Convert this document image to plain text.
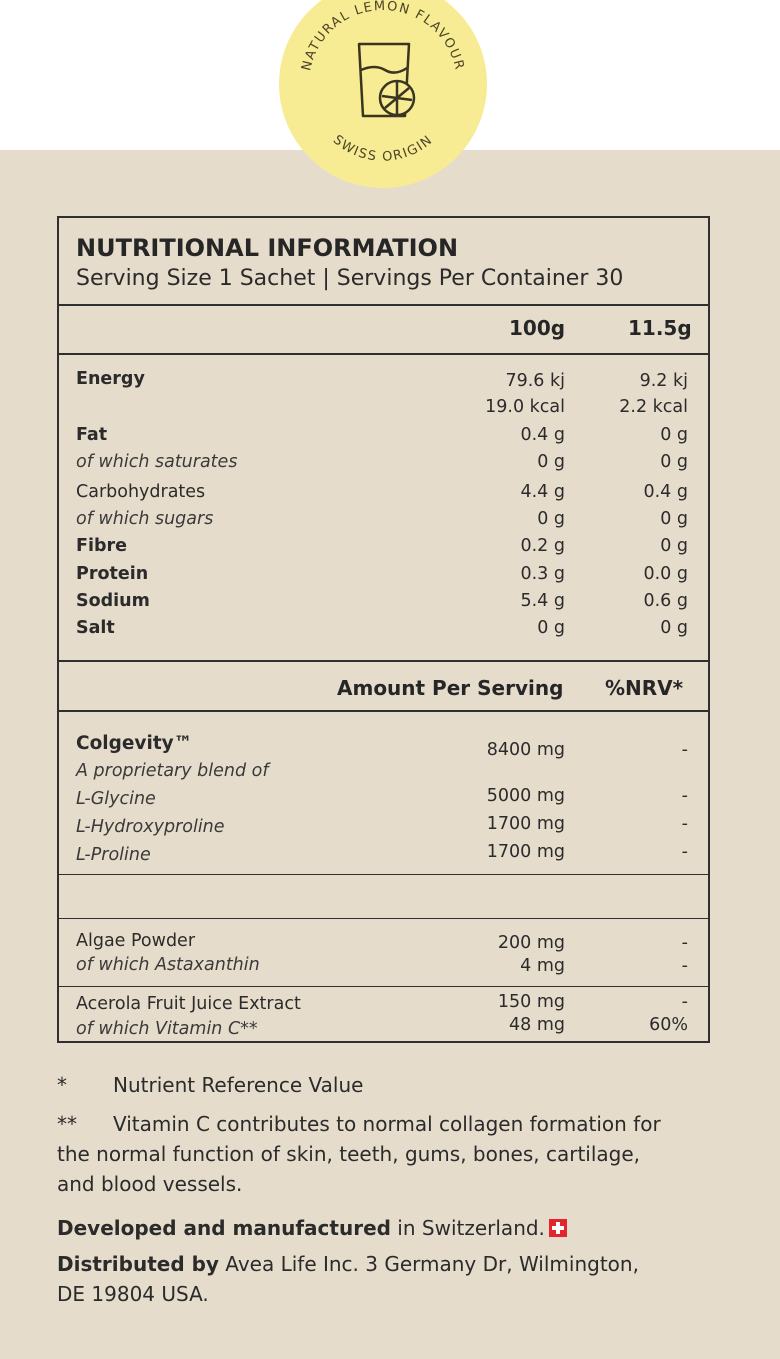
NATURAL LEMON FLAVOUR
SWISS ORIGIN
NUTRITIONAL INFORMATION
Serving Size 1 Sachet | Servings Per Container 30
100g	11.5g
Energy	79.6 kj	9.2 kj
19.0 kcal	2.2 kcal
Fat	0.4 g	0 g
of which saturates	0 g	0 g
Carbohydrates	4.4 g	0.4 g
of which sugars	0 g	0 g
Fibre	0.2 g	0 g
Protein	0.3 g	0.0 g
Sodium	5.4 g	0.6 g
Salt	0 g	0 g
Amount Per Serving %NRV*
Colgevity™	8400 mg	-
A proprietary blend of
L-Glycine	5000 mg	-
L-Hydroxyproline	1700 mg	-
L-Proline	1700 mg	-
Algae Powder	200 mg	-
of which Astaxanthin	4 mg	-
Acerola Fruit Juice Extract	150 mg	-
of which Vitamin C**	48 mg	60%
* Nutrient Reference Value
** Vitamin C contributes to normal collagen formation for
the normal function of skin, teeth, gums, bones, cartilage,
and blood vessels.
Developed and manufactured in Switzerland.
Distributed by Avea Life Inc. 3 Germany Dr, Wilmington,
DE 19804 USA.
